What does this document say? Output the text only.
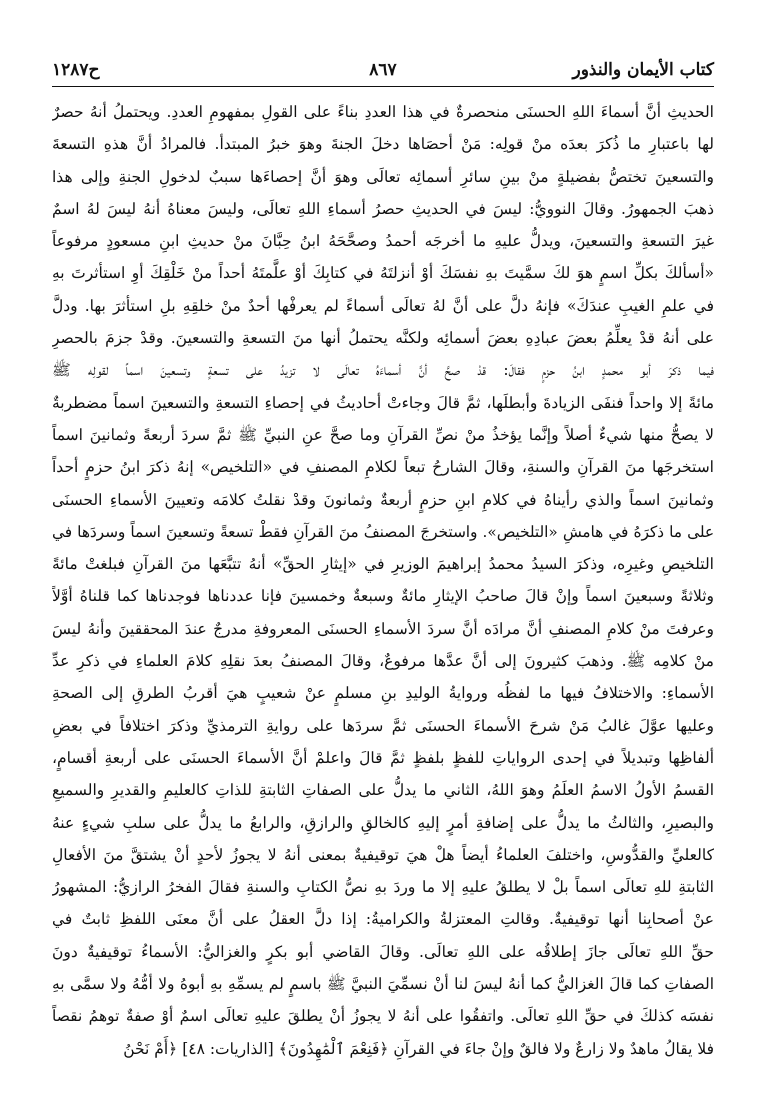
كتاب الأيمان والنذور
٨٦٧
ح١٢٨٧
الحديثِ أنَّ أسماءَ اللهِ الحسنَى منحصرةٌ في هذا العددِ بناءً على القولِ بمفهومِ العددِ. ويحتملُ أنهُ حصرٌ
لها باعتبارِ ما ذُكرَ بعدَه منْ قولِه: مَنْ أحصَاها دخلَ الجنةَ وهوَ خبرُ المبتدأ. فالمرادُ أنَّ هذهِ التسعةَ
والتسعينَ تختصُّ بفضيلةٍ منْ بينِ سائرِ أسمائِه تعالَى وهوَ أنَّ إحصاءَها سببٌ لدخولِ الجنةِ وإلى هذا
ذهبَ الجمهورُ. وقالَ النوويُّ: ليسَ في الحديثِ حصرُ أسماءِ اللهِ تعالَى، وليسَ معناهُ أنهُ ليسَ لهُ اسمٌ
غيرَ التسعةِ والتسعينَ، ويدلُّ عليهِ ما أخرجَه أحمدُ وصحَّحَهُ ابنُ حِبَّانَ منْ حديثِ ابنِ مسعودٍ مرفوعاً
«أسألكَ بكلِّ اسمٍ هوَ لكَ سمَّيتَ بهِ نفسَكَ أوْ أنزلتَهُ في كتابِكَ أوْ علَّمتَهُ أحداً منْ خَلْقِكَ أوِ استأثرتَ بهِ
في علمِ الغيبِ عندَكَ» فإنهُ دلَّ على أنَّ لهُ تعالَى أسماءً لم يعرفْها أحدٌ منْ خلقِهِ بلِ استأثرَ بها. ودلَّ
على أنهُ قدْ يعلِّمُ بعضَ عبادِهِ بعضَ أسمائِه ولكنَّه يحتملُ أنها منَ التسعةِ والتسعينَ. وقدْ جزمَ بالحصرِ
فيما ذكرَ أبو محمدٍ ابنُ حزمٍ فقالَ: قدْ صحَّ أنَّ أسماءَهُ تعالَى لا تزيدُ على تسعةٍ وتسعينَ اسماً لقولِه ﷺ
مائةً إلا واحداً فنفَى الزيادةَ وأبطلَها، ثمَّ قالَ وجاءتْ أحاديثُ في إحصاءِ التسعةِ والتسعينَ اسماً مضطربةٌ
لا يصحُّ منها شيءٌ أصلاً وإنَّما يؤخذُ منْ نصِّ القرآنِ وما صحَّ عنِ النبيِّ ﷺ ثمَّ سردَ أربعةً وثمانينَ اسماً
استخرجَها منَ القرآنِ والسنةِ، وقالَ الشارحُ تبعاً لكلامِ المصنفِ في «التلخيص» إنهُ ذكرَ ابنُ حزمٍ أحداً
وثمانينَ اسماً والذي رأيناهُ في كلامِ ابنِ حزمٍ أربعةٌ وثمانونَ وقدْ نقلتُ كلامَه وتعيينَ الأسماءِ الحسنَى
على ما ذكرَهُ في هامشِ «التلخيص». واستخرجَ المصنفُ منَ القرآنِ فقطْ تسعةً وتسعينَ اسماً وسردَها في
التلخيصِ وغيرِه، وذكرَ السيدُ محمدُ إبراهيمَ الوزيرِ في «إيثارِ الحقِّ» أنهُ تتبَّعَها منَ القرآنِ فبلغتْ مائةً
وثلاثةً وسبعينَ اسماً وإنْ قالَ صاحبُ الإيثارِ مائةٌ وسبعةٌ وخمسينَ فإنا عددناها فوجدناها كما قلناهُ أوَّلاً
وعرفتَ منْ كلامِ المصنفِ أنَّ مرادَه أنَّ سردَ الأسماءِ الحسنَى المعروفةِ مدرجٌ عندَ المحققينَ وأنهُ ليسَ
منْ كلامِه ﷺ. وذهبَ كثيرونَ إلى أنَّ عدَّها مرفوعٌ، وقالَ المصنفُ بعدَ نقلِهِ كلامَ العلماءِ في ذكرِ عدِّ
الأسماءِ: والاختلافُ فيها ما لفظُه وروايةُ الوليدِ بنِ مسلمٍ عنْ شعيبٍ هيَ أقربُ الطرقِ إلى الصحةِ
وعليها عوَّلَ غالبُ مَنْ شرحَ الأسماءَ الحسنَى ثمَّ سردَها على روايةِ الترمذيِّ وذكرَ اختلافاً في بعضِ
ألفاظِها وتبديلاً في إحدى الرواياتِ للفظٍ بلفظٍ ثمَّ قالَ واعلمْ أنَّ الأسماءَ الحسنَى على أربعةِ أقسامٍ،
القسمُ الأولُ الاسمُ العلَمُ وهوَ اللهُ، الثاني ما يدلُّ على الصفاتِ الثابتةِ للذاتِ كالعليمِ والقديرِ والسميعِ
والبصيرِ، والثالثُ ما يدلُّ على إضافةِ أمرٍ إليهِ كالخالقِ والرازقِ، والرابعُ ما يدلُّ على سلبِ شيءٍ عنهُ
كالعليِّ والقدُّوسِ، واختلفَ العلماءُ أيضاً هلْ هيَ توقيفيةٌ بمعنى أنهُ لا يجوزُ لأحدٍ أنْ يشتقَّ منَ الأفعالِ
الثابتةِ للهِ تعالَى اسماً بلْ لا يطلقُ عليهِ إلا ما وردَ بهِ نصُّ الكتابِ والسنةِ فقالَ الفخرُ الرازيُّ: المشهورُ
عنْ أصحابِنا أنها توقيفيةٌ. وقالتِ المعتزلةُ والكراميةُ: إذا دلَّ العقلُ على أنَّ معنَى اللفظِ ثابتٌ في
حقِّ اللهِ تعالَى جازَ إطلاقُه على اللهِ تعالَى. وقالَ القاضي أبو بكرٍ والغزاليُّ: الأسماءُ توقيفيةٌ دونَ
الصفاتِ كما قالَ الغزاليُّ كما أنهُ ليسَ لنا أنْ نسمِّيَ النبيَّ ﷺ باسمٍ لم يسمِّهِ بهِ أبوهُ ولا أمُّهُ ولا سمَّى بهِ
نفسَه كذلكَ في حقِّ اللهِ تعالَى. واتفقُوا على أنهُ لا يجوزُ أنْ يطلقَ عليهِ تعالَى اسمٌ أوْ صفةٌ توهمُ نقصاً
فلا يقالُ ماهدٌ ولا زارعٌ ولا فالقٌ وإنْ جاءَ في القرآنِ ﴿فَنِعْمَ ٱلْمَٰهِدُونَ﴾ [الذاريات: ٤٨] ﴿أَمْ نَحْنُ
